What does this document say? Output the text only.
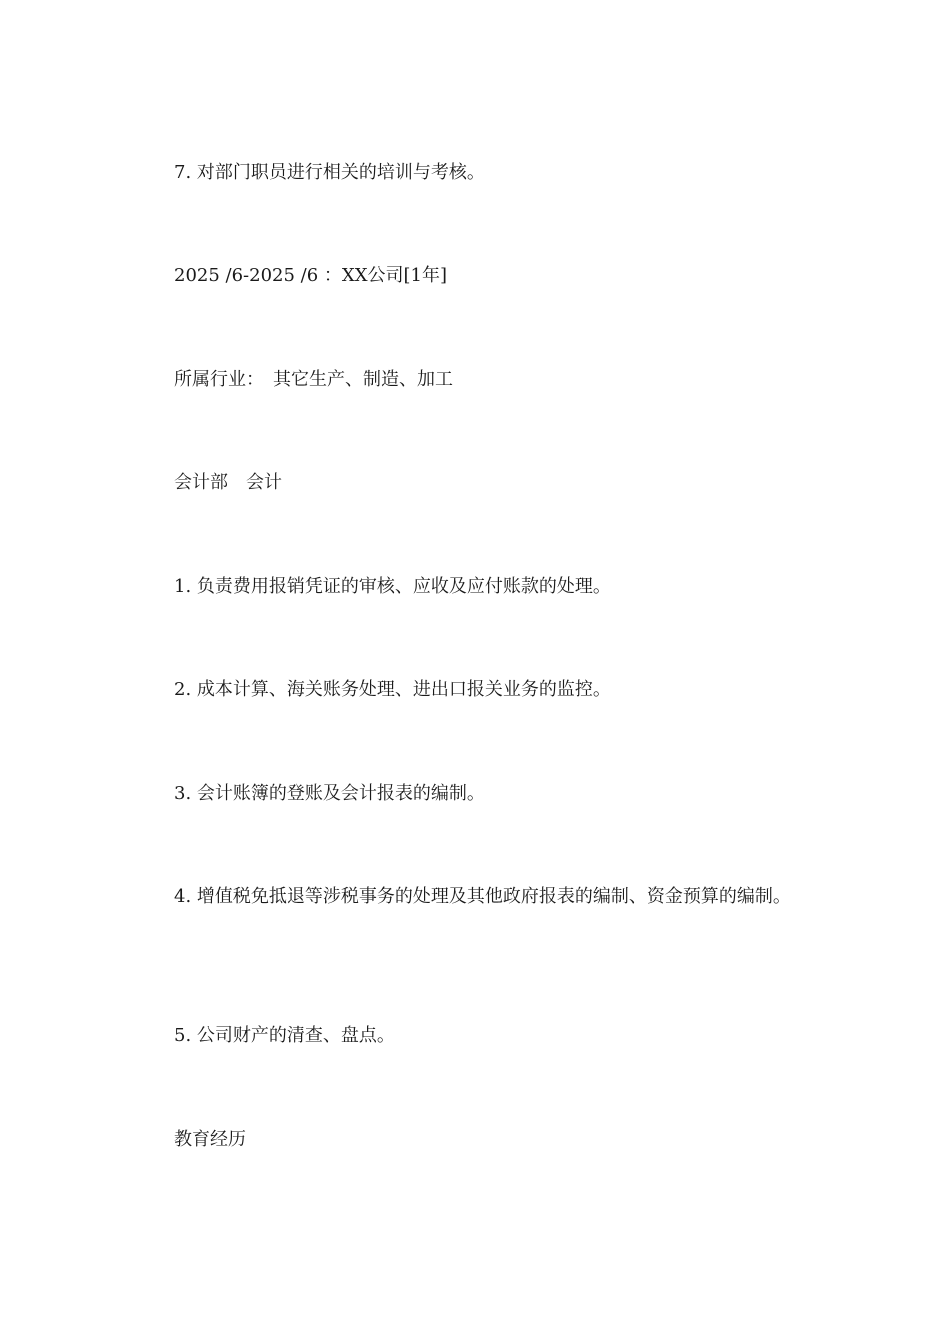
7. 对部门职员进行相关的培训与考核。

2025 /6-2025 /6 ：XX公司[1年]

所属行业：　其它生产、制造、加工

会计部　会计

1. 负责费用报销凭证的审核、应收及应付账款的处理。

2. 成本计算、海关账务处理、进出口报关业务的监控。

3. 会计账簿的登账及会计报表的编制。

4. 增值税免抵退等涉税事务的处理及其他政府报表的编制、资金预算的编制。

5. 公司财产的清查、盘点。

教育经历
